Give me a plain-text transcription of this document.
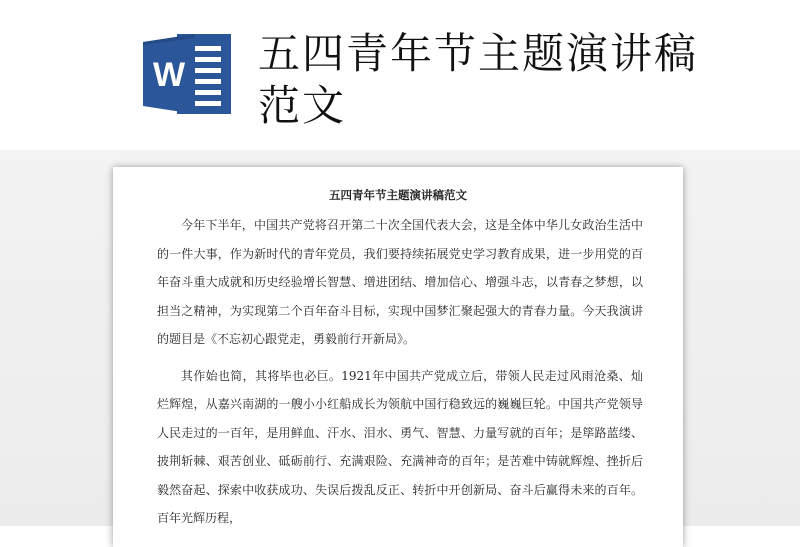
W 五四青年节主题演讲稿范文
五四青年节主题演讲稿范文

今年下半年，中国共产党将召开第二十次全国代表大会，这是全体中华儿女政治生活中的一件大事，作为新时代的青年党员，我们要持续拓展党史学习教育成果，进一步用党的百年奋斗重大成就和历史经验增长智慧、增进团结、增加信心、增强斗志，以青春之梦想，以担当之精神，为实现第二个百年奋斗目标，实现中国梦汇聚起强大的青春力量。今天我演讲的题目是《不忘初心跟党走，勇毅前行开新局》。

其作始也简，其将毕也必巨。1921年中国共产党成立后，带领人民走过风雨沧桑、灿烂辉煌，从嘉兴南湖的一艘小小红船成长为领航中国行稳致远的巍巍巨轮。中国共产党领导人民走过的一百年，是用鲜血、汗水、泪水、勇气、智慧、力量写就的百年；是筚路蓝缕、披荆斩棘、艰苦创业、砥砺前行、充满艰险、充满神奇的百年；是苦难中铸就辉煌、挫折后毅然奋起、探索中收获成功、失误后拨乱反正、转折中开创新局、奋斗后赢得未来的百年。百年光辉历程，
